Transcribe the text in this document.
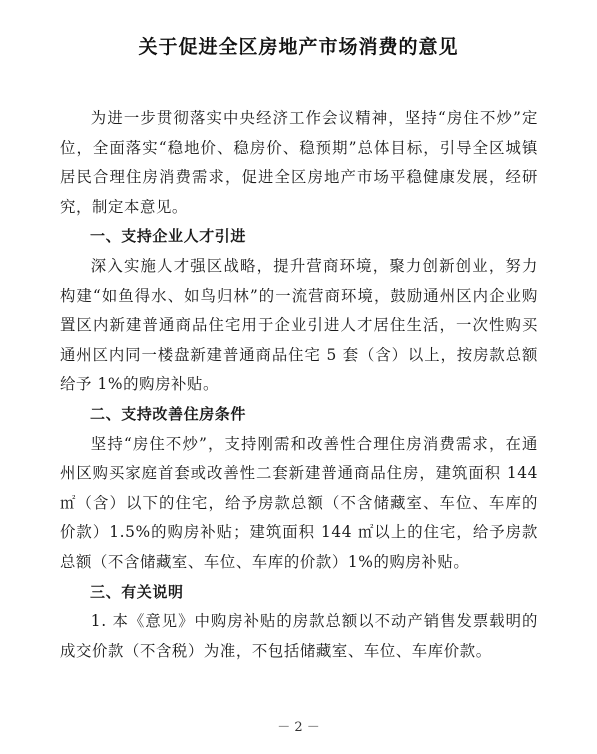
关于促进全区房地产市场消费的意见

为进一步贯彻落实中央经济工作会议精神，坚持“房住不炒”定位，全面落实“稳地价、稳房价、稳预期”总体目标，引导全区城镇居民合理住房消费需求，促进全区房地产市场平稳健康发展，经研究，制定本意见。

一、支持企业人才引进

深入实施人才强区战略，提升营商环境，聚力创新创业，努力构建“如鱼得水、如鸟归林”的一流营商环境，鼓励通州区内企业购置区内新建普通商品住宅用于企业引进人才居住生活，一次性购买通州区内同一楼盘新建普通商品住宅 5 套（含）以上，按房款总额给予 1%的购房补贴。

二、支持改善住房条件

坚持“房住不炒”，支持刚需和改善性合理住房消费需求，在通州区购买家庭首套或改善性二套新建普通商品住房，建筑面积 144 ㎡（含）以下的住宅，给予房款总额（不含储藏室、车位、车库的价款）1.5%的购房补贴；建筑面积 144 ㎡以上的住宅，给予房款总额（不含储藏室、车位、车库的价款）1%的购房补贴。

三、有关说明

1. 本《意见》中购房补贴的房款总额以不动产销售发票载明的成交价款（不含税）为准，不包括储藏室、车位、车库价款。

－ 2 －
